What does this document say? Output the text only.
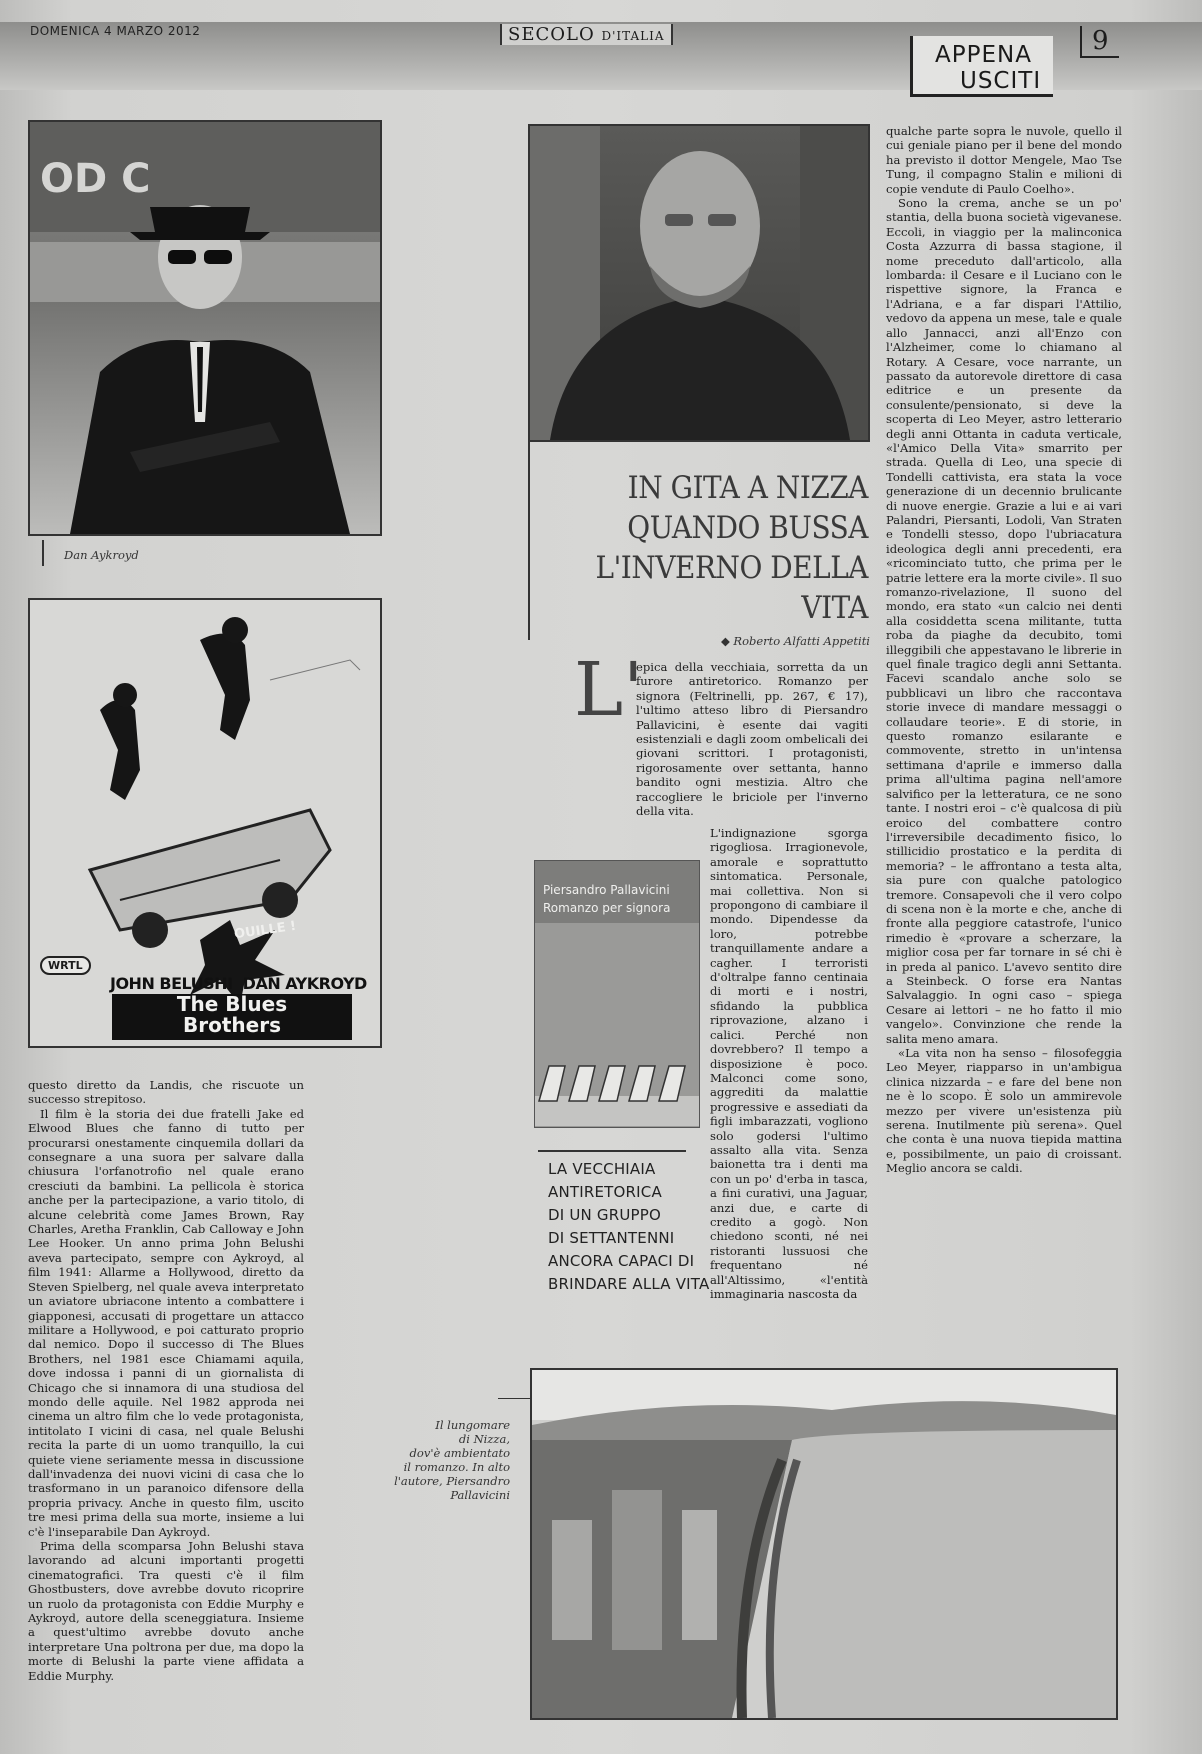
DOMENICA 4 MARZO 2012	SECOLO D'ITALIA
APPENA
USCITI
9
OD C
Dan Aykroyd
OUILLE !
WRTL
JOHN BELUSHI  DAN AYKROYD
The Blues
Brothers

questo diretto da Landis, che riscuote un successo strepitoso.

Il film è la storia dei due fratelli Jake ed Elwood Blues che fanno di tutto per procurarsi onestamente cinquemila dollari da consegnare a una suora per salvare dalla chiusura l'orfanotrofio nel quale erano cresciuti da bambini. La pellicola è storica anche per la partecipazione, a vario titolo, di alcune celebrità come James Brown, Ray Charles, Aretha Franklin, Cab Calloway e John Lee Hooker. Un anno prima John Belushi aveva partecipato, sempre con Aykroyd, al film 1941: Allarme a Hollywood, diretto da Steven Spielberg, nel quale aveva interpretato un aviatore ubriacone intento a combattere i giapponesi, accusati di progettare un attacco militare a Hollywood, e poi catturato proprio dal nemico. Dopo il successo di The Blues Brothers, nel 1981 esce Chiamami aquila, dove indossa i panni di un giornalista di Chicago che si innamora di una studiosa del mondo delle aquile. Nel 1982 approda nei cinema un altro film che lo vede protagonista, intitolato I vicini di casa, nel quale Belushi recita la parte di un uomo tranquillo, la cui quiete viene seriamente messa in discussione dall'invadenza dei nuovi vicini di casa che lo trasformano in un paranoico difensore della propria privacy. Anche in questo film, uscito tre mesi prima della sua morte, insieme a lui c'è l'inseparabile Dan Aykroyd.

Prima della scomparsa John Belushi stava lavorando ad alcuni importanti progetti cinematografici. Tra questi c'è il film Ghostbusters, dove avrebbe dovuto ricoprire un ruolo da protagonista con Eddie Murphy e Aykroyd, autore della sceneggiatura. Insieme a quest'ultimo avrebbe dovuto anche interpretare Una poltrona per due, ma dopo la morte di Belushi la parte viene affidata a Eddie Murphy.

IN GITA A NIZZA
QUANDO BUSSA
L'INVERNO DELLA VITA
◆ Roberto Alfatti Appetiti
L'
epica della vecchiaia, sorretta da un furore antiretorico. Romanzo per signora (Feltrinelli, pp. 267, € 17), l'ultimo atteso libro di Piersandro Pallavicini, è esente dai vagiti esistenziali e dagli zoom ombelicali dei giovani scrittori. I protagonisti, rigorosamente over settanta, hanno bandito ogni mestizia. Altro che raccogliere le briciole per l'inverno della vita.
L'indignazione sgorga rigogliosa. Irragionevole, amorale e soprattutto sintomatica. Personale, mai collettiva. Non si propongono di cambiare il mondo. Dipendesse da loro, potrebbe tranquillamente andare a cagher. I terroristi d'oltralpe fanno centinaia di morti e i nostri, sfidando la pubblica riprovazione, alzano i calici. Perché non dovrebbero? Il tempo a disposizione è poco. Malconci come sono, aggrediti da malattie progressive e assediati da figli imbarazzati, vogliono solo godersi l'ultimo assalto alla vita. Senza baionetta tra i denti ma con un po' d'erba in tasca, a fini curativi, una Jaguar, anzi due, e carte di credito a gogò. Non chiedono sconti, né nei ristoranti lussuosi che frequentano né all'Altissimo, «l'entità immaginaria nascosta da
Piersandro Pallavicini
Romanzo per signora
LA VECCHIAIA
ANTIRETORICA
DI UN GRUPPO
DI SETTANTENNI
ANCORA CAPACI DI
BRINDARE ALLA VITA

qualche parte sopra le nuvole, quello il cui geniale piano per il bene del mondo ha previsto il dottor Mengele, Mao Tse Tung, il compagno Stalin e milioni di copie vendute di Paulo Coelho».

Sono la crema, anche se un po' stantia, della buona società vigevanese. Eccoli, in viaggio per la malinconica Costa Azzurra di bassa stagione, il nome preceduto dall'articolo, alla lombarda: il Cesare e il Luciano con le rispettive signore, la Franca e l'Adriana, e a far dispari l'Attilio, vedovo da appena un mese, tale e quale allo Jannacci, anzi all'Enzo con l'Alzheimer, come lo chiamano al Rotary. A Cesare, voce narrante, un passato da autorevole direttore di casa editrice e un presente da consulente/pensionato, si deve la scoperta di Leo Meyer, astro letterario degli anni Ottanta in caduta verticale, «l'Amico Della Vita» smarrito per strada. Quella di Leo, una specie di Tondelli cattivista, era stata la voce generazione di un decennio brulicante di nuove energie. Grazie a lui e ai vari Palandri, Piersanti, Lodoli, Van Straten e Tondelli stesso, dopo l'ubriacatura ideologica degli anni precedenti, era «ricominciato tutto, che prima per le patrie lettere era la morte civile». Il suo romanzo-rivelazione, Il suono del mondo, era stato «un calcio nei denti alla cosiddetta scena militante, tutta roba da piaghe da decubito, tomi illeggibili che appestavano le librerie in quel finale tragico degli anni Settanta. Facevi scandalo anche solo se pubblicavi un libro che raccontava storie invece di mandare messaggi o collaudare teorie». E di storie, in questo romanzo esilarante e commovente, stretto in un'intensa settimana d'aprile e immerso dalla prima all'ultima pagina nell'amore salvifico per la letteratura, ce ne sono tante. I nostri eroi – c'è qualcosa di più eroico del combattere contro l'irreversibile decadimento fisico, lo stillicidio prostatico e la perdita di memoria? – le affrontano a testa alta, sia pure con qualche patologico tremore. Consapevoli che il vero colpo di scena non è la morte e che, anche di fronte alla peggiore catastrofe, l'unico rimedio è «provare a scherzare, la miglior cosa per far tornare in sé chi è in preda al panico. L'avevo sentito dire a Steinbeck. O forse era Nantas Salvalaggio. In ogni caso – spiega Cesare ai lettori – ne ho fatto il mio vangelo». Convinzione che rende la salita meno amara.

«La vita non ha senso – filosofeggia Leo Meyer, riapparso in un'ambigua clinica nizzarda – e fare del bene non ne è lo scopo. È solo un ammirevole mezzo per vivere un'esistenza più serena. Inutilmente più serena». Quel che conta è una nuova tiepida mattina e, possibilmente, un paio di croissant. Meglio ancora se caldi.

Il lungomare
di Nizza,
dov'è ambientato
il romanzo. In alto
l'autore, Piersandro
Pallavicini
